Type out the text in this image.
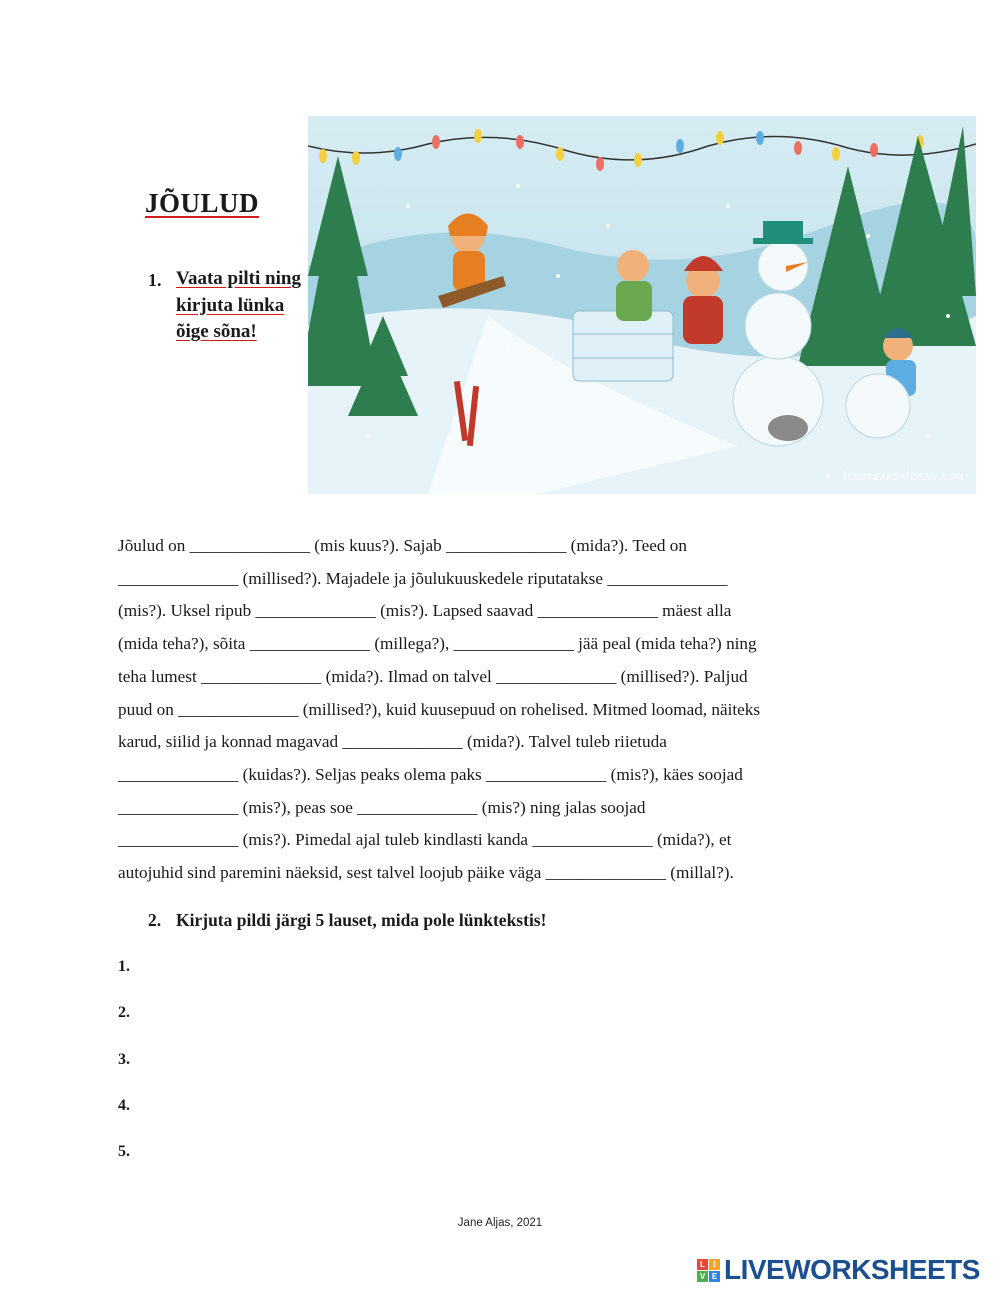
JÕULUD
1. Vaata pilti ning kirjuta lünka õige sõna!
IcebreakerIdeas.com
Jõulud on ______________ (mis kuus?). Sajab ______________ (mida?). Teed on
______________ (millised?). Majadele ja jõulukuuskedele riputatakse ______________
(mis?). Uksel ripub ______________ (mis?). Lapsed saavad ______________ mäest alla
(mida teha?), sõita ______________ (millega?), ______________ jää peal (mida teha?) ning
teha lumest ______________ (mida?). Ilmad on talvel ______________ (millised?). Paljud
puud on ______________ (millised?), kuid kuusepuud on rohelised. Mitmed loomad, näiteks
karud, siilid ja konnad magavad ______________ (mida?). Talvel tuleb riietuda
______________ (kuidas?). Seljas peaks olema paks ______________ (mis?), käes soojad
______________ (mis?), peas soe ______________ (mis?) ning jalas soojad
______________ (mis?). Pimedal ajal tuleb kindlasti kanda ______________ (mida?), et
autojuhid sind paremini näeksid, sest talvel loojub päike väga ______________ (millal?).
2. Kirjuta pildi järgi 5 lauset, mida pole lünktekstis!
1.
2.
3.
4.
5.
Jane Aljas, 2021
L	I
V E LIVEWORKSHEETS
